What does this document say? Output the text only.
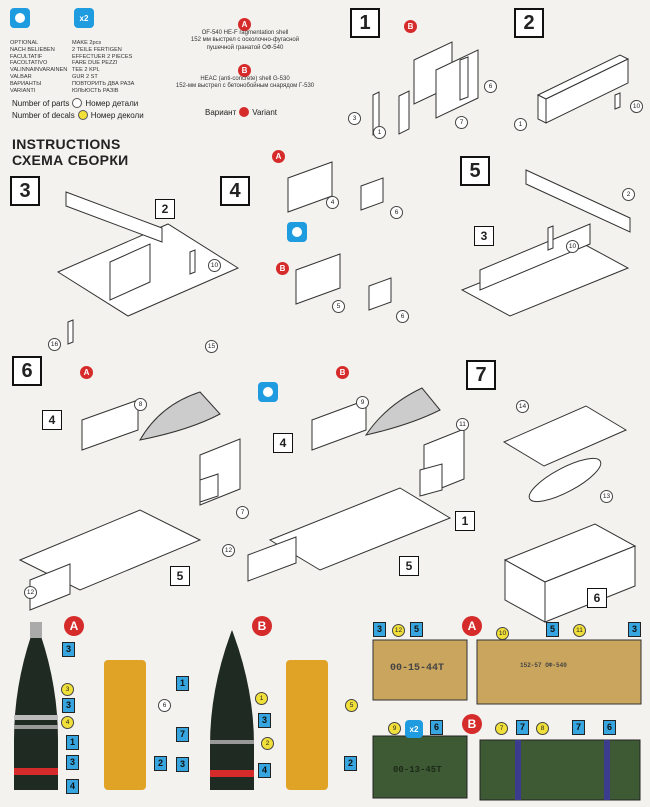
x2
OPTIONAL	MAKE 2pcs
NACH BELIEBEN	2 TEILE FERTIGEN
FACULTATIF	EFFECTUER 2 PIECES
FACOLTATIVO	FARE DUE PEZZI
VALINNAINVARAINEN TEE 2 KPL
VALBAR	GUR 2 ST
ВАРИАНТЫ	ПОВТОРИТЬ ДВА РАЗА
VARIANTI	ЮЛЬЮСТЬ РАЗІВ
Number of parts Номер детали
Number of decals Номер деколи
A
OF-540 HE-F ragmentation shell
152 мм выстрел с осколочно-фугасной
пушечной гранатой ОФ-540
B
HEAC (anti-concrete) shell G-530
152-мм выстрел с бетонобойным снарядом Г-530
Вариант Variant
INSTRUCTIONS
СХЕМА СБОРКИ
1	2
3	4
5
6	7
B
A
B
A	B
3
1
7
6
1
10
2
10
16	15
4
6
5
6
2
10
3
4
8
7
5
12
4
9
11
1
5
12
14
13
6
A
3
3
3
4
1
3
4
6
2
B
1
1
3
7
2
3
4
5
2
A
3	12	5	10	5	11	3
00-15-44Т	152-57 ОФ-540
B
9	x2	6	7	7	8	7	6
00-13-45Т
